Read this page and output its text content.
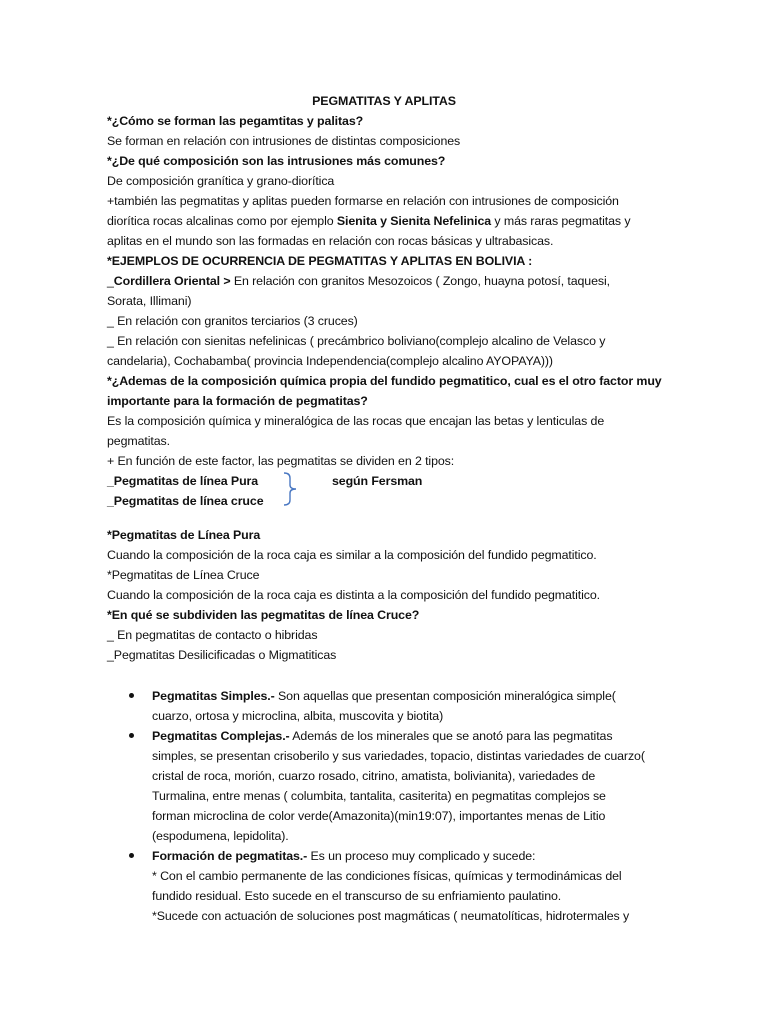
PEGMATITAS Y APLITAS
*¿Cómo se forman las pegamtitas y palitas?
Se forman en relación con intrusiones de distintas composiciones
*¿De qué composición son las intrusiones más comunes?
De composición granítica y grano-diorítica
+también las pegmatitas y aplitas pueden formarse en relación con intrusiones de composición
diorítica rocas alcalinas como por ejemplo Sienita y Sienita Nefelinica y más raras pegmatitas y
aplitas en el mundo son las formadas en relación con rocas básicas y ultrabasicas.
*EJEMPLOS DE OCURRENCIA DE PEGMATITAS Y APLITAS EN BOLIVIA :
_Cordillera Oriental > En relación con granitos Mesozoicos ( Zongo, huayna potosí, taquesi,
Sorata, Illimani)
_ En relación con granitos terciarios (3 cruces)
_ En relación con sienitas nefelinicas ( precámbrico boliviano(complejo alcalino de Velasco y
candelaria), Cochabamba( provincia Independencia(complejo alcalino AYOPAYA)))
*¿Ademas de la composición química propia del fundido pegmatitico, cual es el otro factor muy
importante para la formación de pegmatitas?
Es la composición química y mineralógica de las rocas que encajan las betas y lenticulas de
pegmatitas.
+ En función de este factor, las pegmatitas se dividen en 2 tipos:
_Pegmatitas de línea Pura
_Pegmatitas de línea cruce
según Fersman
*Pegmatitas de Línea Pura
Cuando la composición de la roca caja es similar a la composición del fundido pegmatitico.
*Pegmatitas de Línea Cruce
Cuando la composición de la roca caja es distinta a la composición del fundido pegmatitico.
*En qué se subdividen las pegmatitas de línea Cruce?
_ En pegmatitas de contacto o hibridas
_Pegmatitas Desilicificadas o Migmatiticas
Pegmatitas Simples.- Son aquellas que presentan composición mineralógica simple(
cuarzo, ortosa y microclina, albita, muscovita y biotita)
Pegmatitas Complejas.- Además de los minerales que se anotó para las pegmatitas
simples, se presentan crisoberilo y sus variedades, topacio, distintas variedades de cuarzo(
cristal de roca, morión, cuarzo rosado, citrino, amatista, bolivianita), variedades de
Turmalina, entre menas ( columbita, tantalita, casiterita) en pegmatitas complejos se
forman microclina de color verde(Amazonita)(min19:07), importantes menas de Litio
(espodumena, lepidolita).
Formación de pegmatitas.- Es un proceso muy complicado y sucede:
* Con el cambio permanente de las condiciones físicas, químicas y termodinámicas del
fundido residual. Esto sucede en el transcurso de su enfriamiento paulatino.
*Sucede con actuación de soluciones post magmáticas ( neumatolíticas, hidrotermales y
